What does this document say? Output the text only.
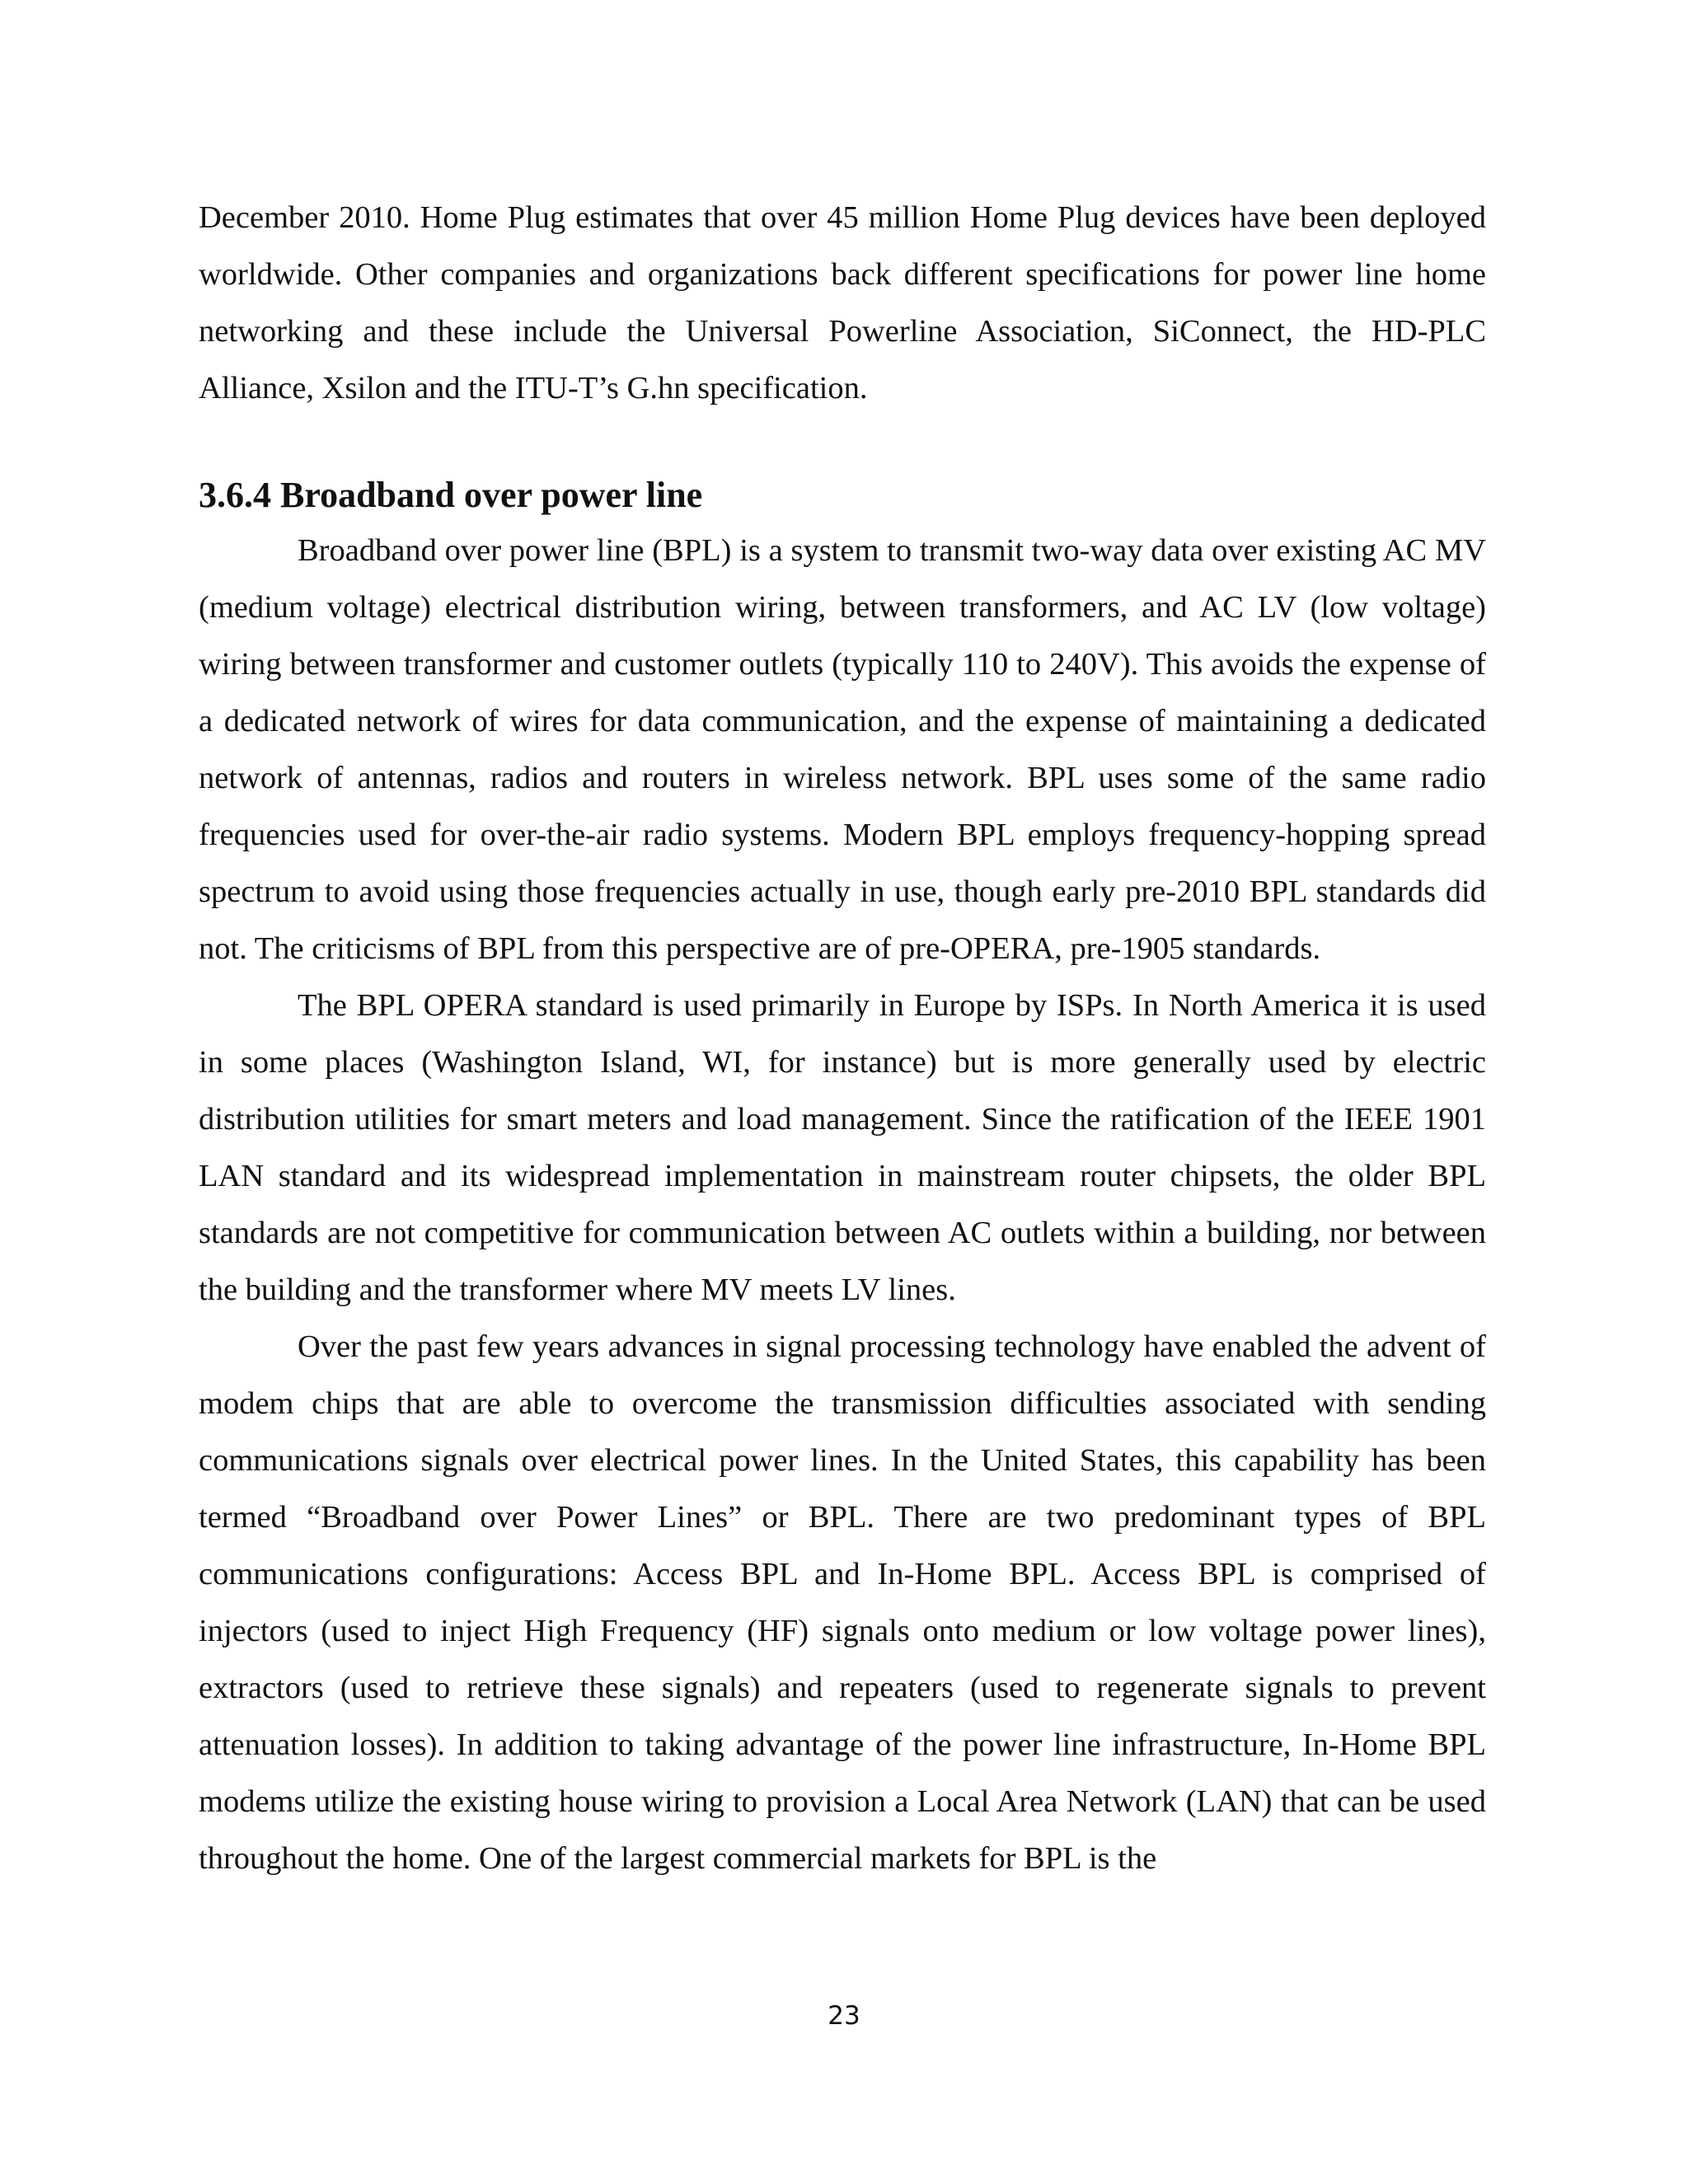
December 2010. Home Plug estimates that over 45 million Home Plug devices have been deployed worldwide. Other companies and organizations back different specifications for power line home networking and these include the Universal Powerline Association, SiConnect, the HD-PLC Alliance, Xsilon and the ITU-T’s G.hn specification.

3.6.4 Broadband over power line

Broadband over power line (BPL) is a system to transmit two-way data over existing AC MV (medium voltage) electrical distribution wiring, between transformers, and AC LV (low voltage) wiring between transformer and customer outlets (typically 110 to 240V). This avoids the expense of a dedicated network of wires for data communication, and the expense of maintaining a dedicated network of antennas, radios and routers in wireless network. BPL uses some of the same radio frequencies used for over-the-air radio systems. Modern BPL employs frequency-hopping spread spectrum to avoid using those frequencies actually in use, though early pre-2010 BPL standards did not. The criticisms of BPL from this perspective are of pre-OPERA, pre-1905 standards.

The BPL OPERA standard is used primarily in Europe by ISPs. In North America it is used in some places (Washington Island, WI, for instance) but is more generally used by electric distribution utilities for smart meters and load management. Since the ratification of the IEEE 1901 LAN standard and its widespread implementation in mainstream router chipsets, the older BPL standards are not competitive for communication between AC outlets within a building, nor between the building and the transformer where MV meets LV lines.

Over the past few years advances in signal processing technology have enabled the advent of modem chips that are able to overcome the transmission difficulties associated with sending communications signals over electrical power lines. In the United States, this capability has been termed “Broadband over Power Lines” or BPL. There are two predominant types of BPL communications configurations: Access BPL and In-Home BPL. Access BPL is comprised of injectors (used to inject High Frequency (HF) signals onto medium or low voltage power lines), extractors (used to retrieve these signals) and repeaters (used to regenerate signals to prevent attenuation losses). In addition to taking advantage of the power line infrastructure, In-Home BPL modems utilize the existing house wiring to provision a Local Area Network (LAN) that can be used throughout the home. One of the largest commercial markets for BPL is the

23
